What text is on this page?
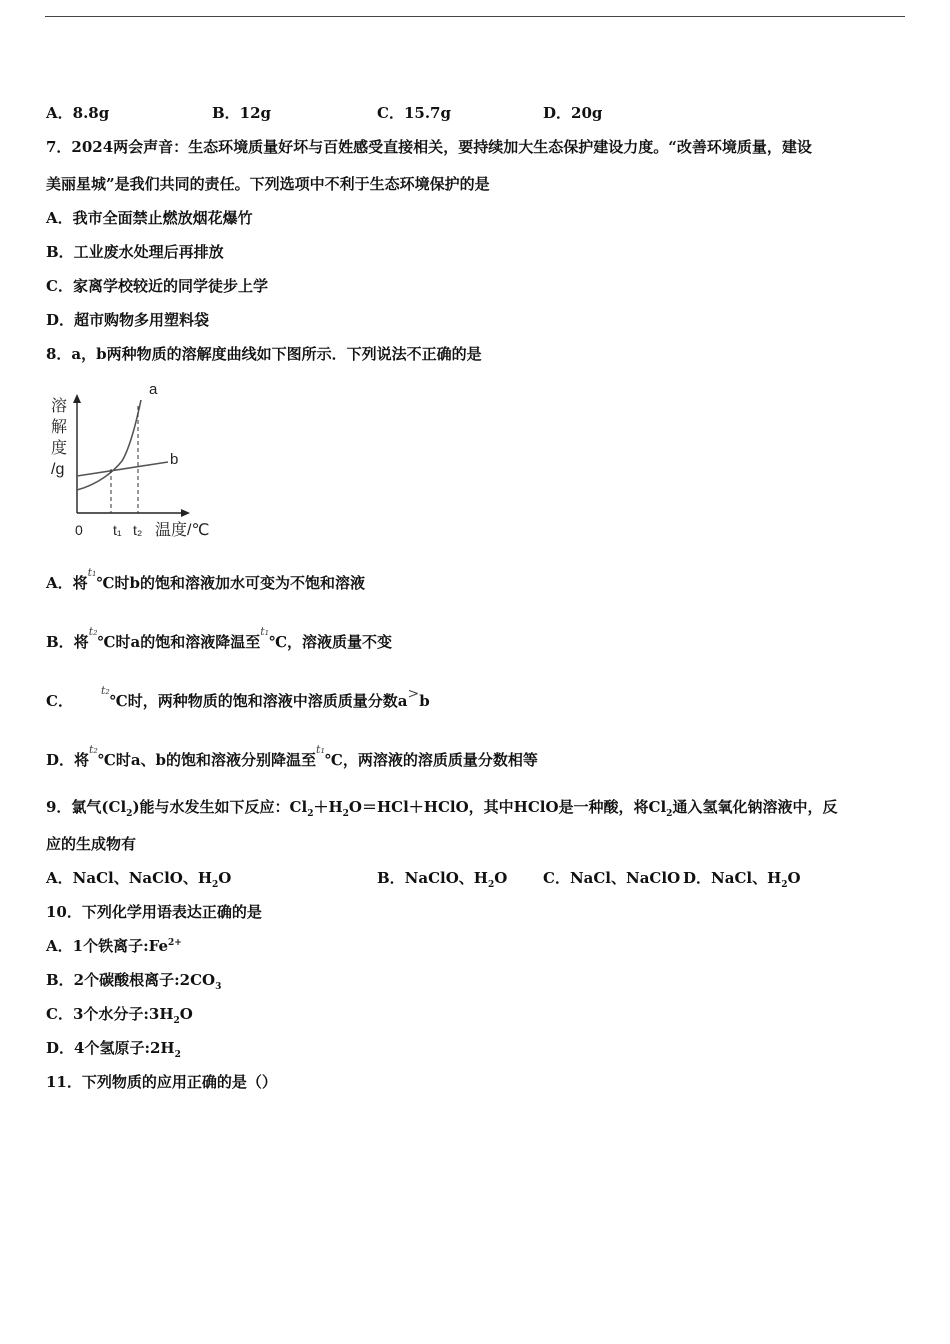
A．8.8g	B．12g	C．15.7g	D．20g
7．2024两会声音：生态环境质量好坏与百姓感受直接相关，要持续加大生态保护建设力度。“改善环境质量，建设
美丽星城”是我们共同的责任。下列选项中不利于生态环境保护的是
A．我市全面禁止燃放烟花爆竹
B．工业废水处理后再排放
C．家离学校较近的同学徒步上学
D．超市购物多用塑料袋
8．a，b两种物质的溶解度曲线如下图所示．下列说法不正确的是
溶
解
度
/g
a
b
0 t₁ t₂ 温度/℃
A．将$^{t_1}$℃时b的饱和溶液加水可变为不饱和溶液
B．将$^{t_2}$℃时a的饱和溶液降温至$^{t_1}$℃，溶液质量不变
C．$^{t_2}$℃时，两种物质的饱和溶液中溶质质量分数a>b
D．将$^{t_2}$℃时a、b的饱和溶液分别降温至$^{t_1}$℃，两溶液的溶质质量分数相等
9．氯气$(Cl_2)$能与水发生如下反应：$Cl_2+H_2O=HCl+HClO$，其中HClO是一种酸，将$Cl_2$通入氢氧化钠溶液中，反
应的生成物有
A．NaCl、NaClO、$H_2O$	B．NaClO、$H_2O$ C．NaCl、NaClO D．NaCl、$H_2O$
10．下列化学用语表达正确的是
A．1个铁离子$:Fe^{2+}$
B．2个碳酸根离子$:2CO_3$
C．3个水分子$:3H_2O$
D．4个氢原子$:2H_2$
11．下列物质的应用正确的是（）
